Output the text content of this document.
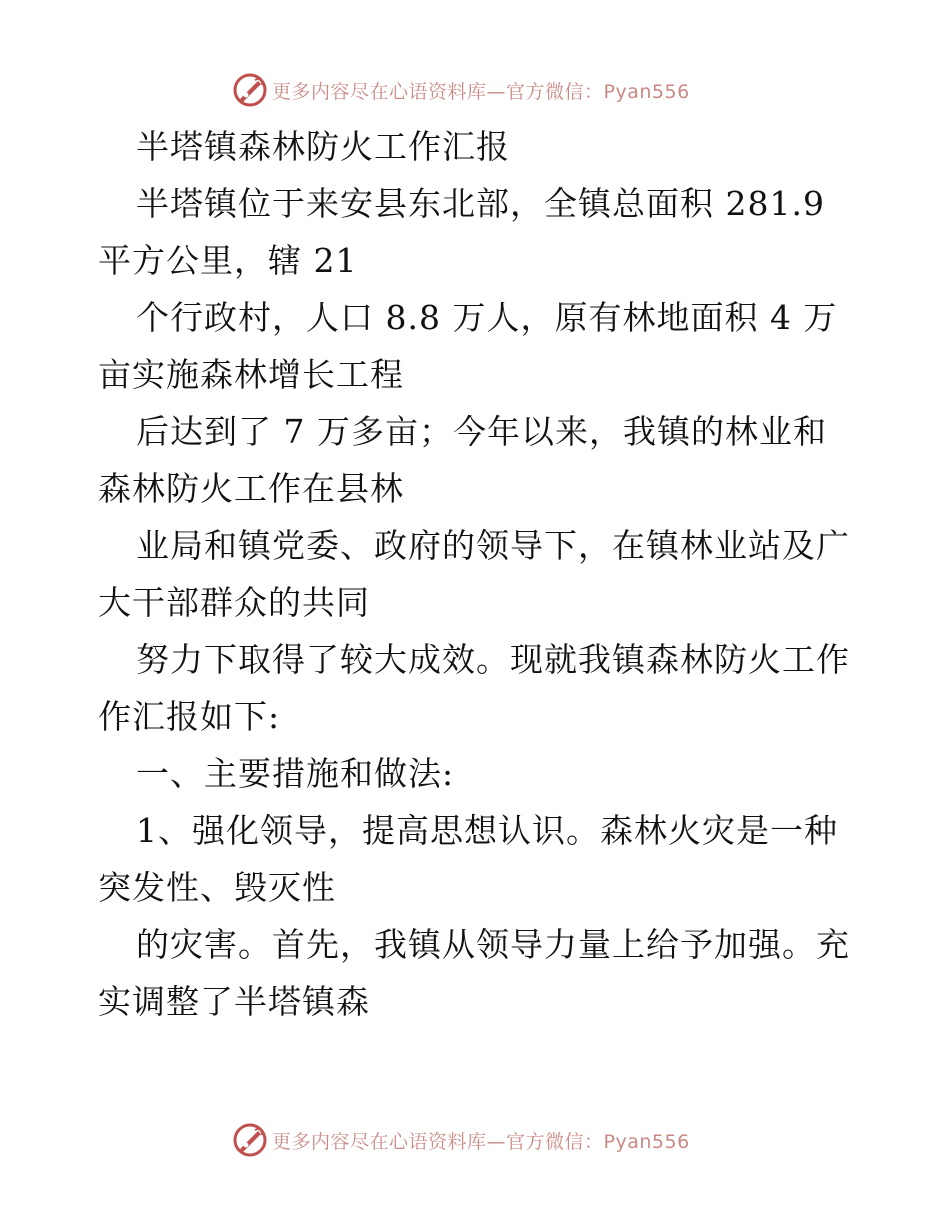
更多内容尽在心语资料库—官方微信：Pyan556

半塔镇森林防火工作汇报

半塔镇位于来安县东北部，全镇总面积 281.9 平方公里，辖 21

个行政村，人口 8.8 万人，原有林地面积 4 万亩实施森林增长工程

后达到了 7 万多亩；今年以来，我镇的林业和森林防火工作在县林

业局和镇党委、政府的领导下，在镇林业站及广大干部群众的共同

努力下取得了较大成效。现就我镇森林防火工作作汇报如下:

一、主要措施和做法:

1、强化领导，提高思想认识。森林火灾是一种突发性、毁灭性

的灾害。首先，我镇从领导力量上给予加强。充实调整了半塔镇森

更多内容尽在心语资料库—官方微信：Pyan556
